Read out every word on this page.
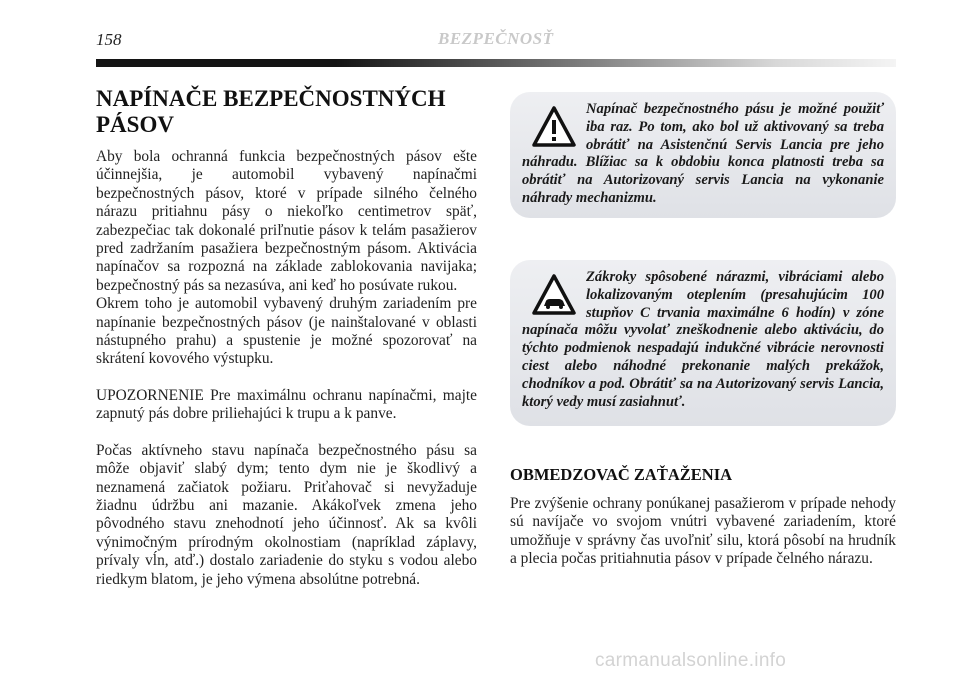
158	BEZPEČNOSŤ
NAPÍNAČE BEZPEČNOSTNÝCH PÁSOV

Aby bola ochranná funkcia bezpečnostných pásov ešte účinnejšia, je automobil vybavený napínačmi bezpečnostných pásov, ktoré v prípade silného čelného nárazu pritiahnu pásy o niekoľko centimetrov späť, zabezpečiac tak dokonalé priľnutie pásov k telám pasažierov pred zadržaním pasažiera bezpečnostným pásom. Aktivácia napínačov sa rozpozná na základe zablokovania navijaka; bezpečnostný pás sa nezasúva, ani keď ho posúvate rukou.

Okrem toho je automobil vybavený druhým zariadením pre napínanie bezpečnostných pásov (je nainštalované v oblasti nástupného prahu) a spustenie je možné spozorovať na skrátení kovového výstupku.

UPOZORNENIE Pre maximálnu ochranu napínačmi, majte zapnutý pás dobre priliehajúci k trupu a k panve.

Počas aktívneho stavu napínača bezpečnostného pásu sa môže objaviť slabý dym; tento dym nie je škodlivý a neznamená začiatok požiaru. Priťahovač si nevyžaduje žiadnu údržbu ani mazanie. Akákoľvek zmena jeho pôvodného stavu znehodnotí jeho účinnosť. Ak sa kvôli výnimočným prírodným okolnostiam (napríklad záplavy, prívaly vĺn, atď.) dostalo zariadenie do styku s vodou alebo riedkym blatom, je jeho výmena absolútne potrebná.

Napínač bezpečnostného pásu je možné použiť iba raz. Po tom, ako bol už aktivovaný sa treba obrátiť na Asistenčnú Servis Lancia pre jeho náhradu. Blížiac sa k obdobiu konca platnosti treba sa obrátiť na Autorizovaný servis Lancia na vykonanie náhrady mechanizmu.

Zákroky spôsobené nárazmi, vibráciami alebo lokalizovaným oteplením (presahujúcim 100 stupňov C trvania maximálne 6 hodín) v zóne napínača môžu vyvolať zneškodnenie alebo aktiváciu, do týchto podmienok nespadajú indukčné vibrácie nerovnosti ciest alebo náhodné prekonanie malých prekážok, chodníkov a pod. Obrátiť sa na Autorizovaný servis Lancia, ktorý vedy musí zasiahnuť.

OBMEDZOVAČ ZAŤAŽENIA

Pre zvýšenie ochrany ponúkanej pasažierom v prípade nehody sú navíjače vo svojom vnútri vybavené zariadením, ktoré umožňuje v správny čas uvoľniť silu, ktorá pôsobí na hrudník a plecia počas pritiahnutia pásov v prípade čelného nárazu.

carmanualsonline.info
